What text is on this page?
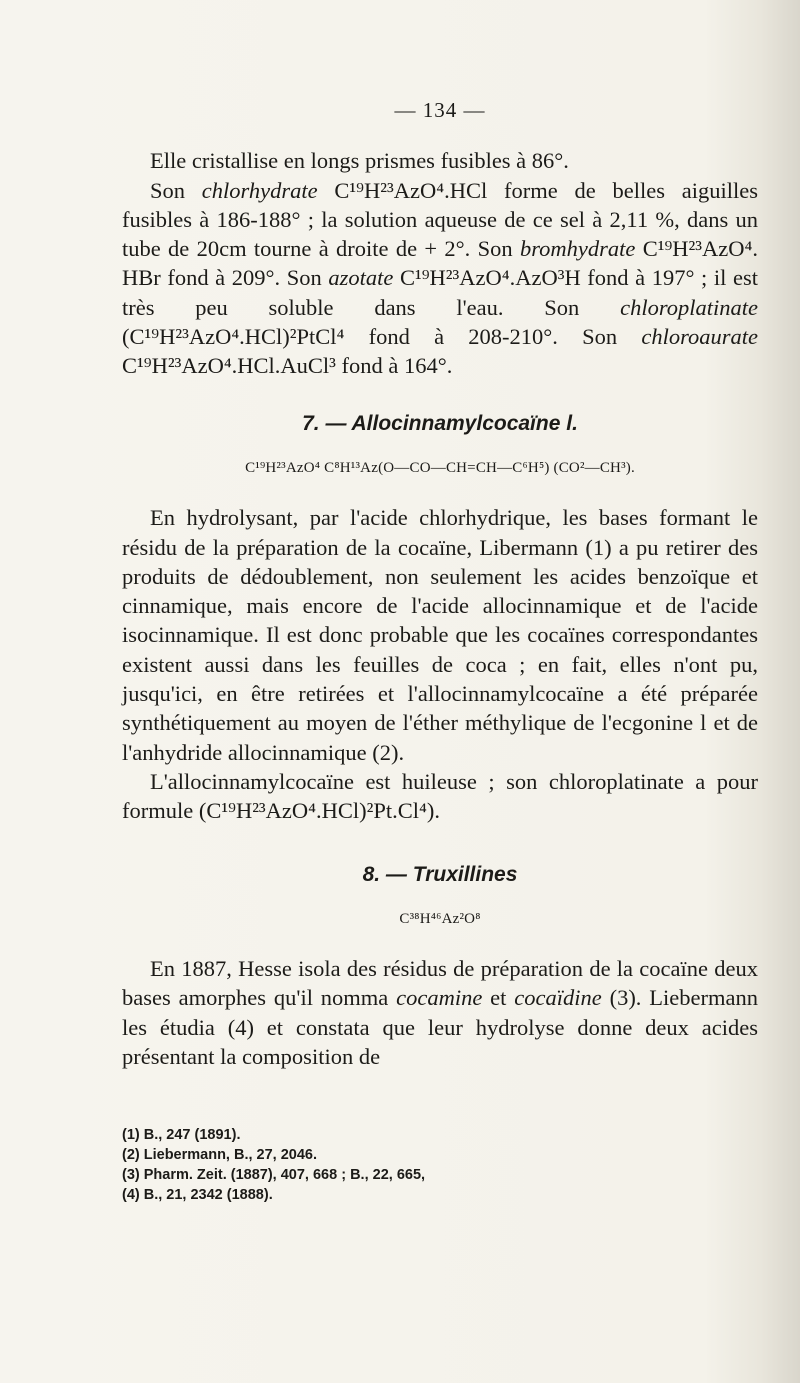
— 134 —

Elle cristallise en longs prismes fusibles à 86°.

Son chlorhydrate C¹⁹H²³AzO⁴.HCl forme de belles aiguilles fusibles à 186-188° ; la solution aqueuse de ce sel à 2,11 %, dans un tube de 20cm tourne à droite de + 2°. Son bromhydrate C¹⁹H²³AzO⁴. HBr fond à 209°. Son azotate C¹⁹H²³AzO⁴.AzO³H fond à 197° ; il est très peu soluble dans l'eau. Son chloroplatinate (C¹⁹H²³AzO⁴.HCl)²PtCl⁴ fond à 208-210°. Son chloroaurate C¹⁹H²³AzO⁴.HCl.AuCl³ fond à 164°.

7. — Allocinnamylcocaïne l.
C¹⁹H²³AzO⁴ C⁸H¹³Az(O—CO—CH=CH—C⁶H⁵) (CO²—CH³).

En hydrolysant, par l'acide chlorhydrique, les bases formant le résidu de la préparation de la cocaïne, Libermann (1) a pu retirer des produits de dédoublement, non seulement les acides benzoïque et cinnamique, mais encore de l'acide allocinnamique et de l'acide isocinnamique. Il est donc probable que les cocaïnes correspondantes existent aussi dans les feuilles de coca ; en fait, elles n'ont pu, jusqu'ici, en être retirées et l'allocinnamylcocaïne a été préparée synthétiquement au moyen de l'éther méthylique de l'ecgonine l et de l'anhydride allocinnamique (2).

L'allocinnamylcocaïne est huileuse ; son chloroplatinate a pour formule (C¹⁹H²³AzO⁴.HCl)²Pt.Cl⁴).

8. — Truxillines
C³⁸H⁴⁶Az²O⁸

En 1887, Hesse isola des résidus de préparation de la cocaïne deux bases amorphes qu'il nomma cocamine et cocaïdine (3). Liebermann les étudia (4) et constata que leur hydrolyse donne deux acides présentant la composition de

(1) B., 247 (1891).
(2) Liebermann, B., 27, 2046.
(3) Pharm. Zeit. (1887), 407, 668 ; B., 22, 665,
(4) B., 21, 2342 (1888).
